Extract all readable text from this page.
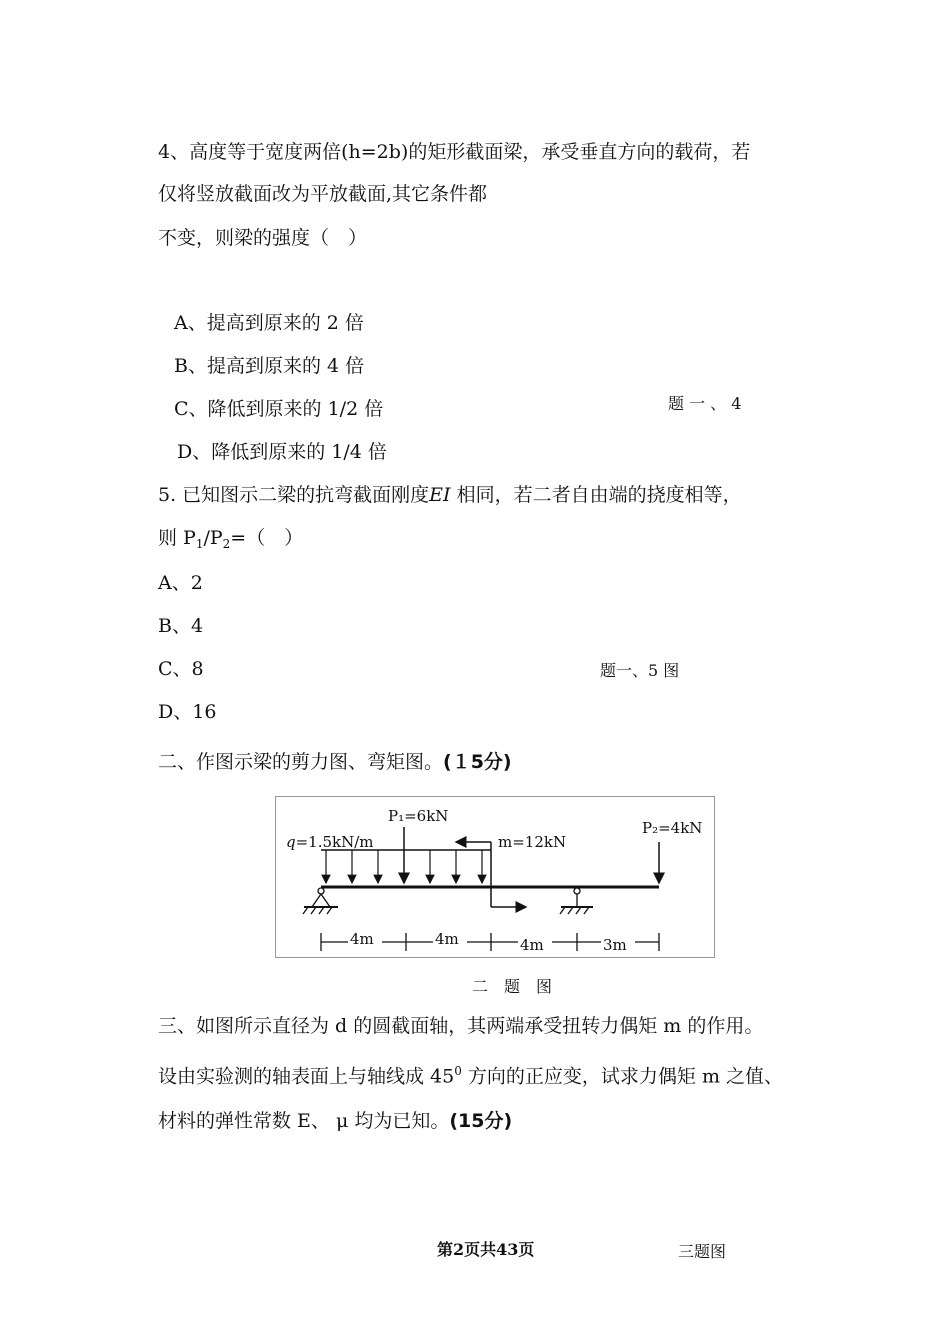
4、高度等于宽度两倍(h=2b)的矩形截面梁，承受垂直方向的载荷，若
仅将竖放截面改为平放截面,其它条件都
不变，则梁的强度（　）
A、提高到原来的 2 倍
B、提高到原来的 4 倍
C、降低到原来的 1/2 倍
D、降低到原来的 1/4 倍
题 一 、 4
5. 已知图示二梁的抗弯截面刚度EI 相同，若二者自由端的挠度相等，
则 $P_1/P_2=$（　）
A、2
B、4
C、8
D、16
题一、5 图
二、作图示梁的剪力图、弯矩图。(１5分)
P₁=6kN
q=1.5kN/m	m=12kN
P₂=4kN
4m	4m	4m	3m
二　题　图
三、如图所示直径为 d 的圆截面轴，其两端承受扭转力偶矩 m 的作用。
设由实验测的轴表面上与轴线成 $45^0$ 方向的正应变，试求力偶矩 m 之值、
材料的弹性常数 E、 μ 均为已知。(15分)
第2页共43页	三题图
